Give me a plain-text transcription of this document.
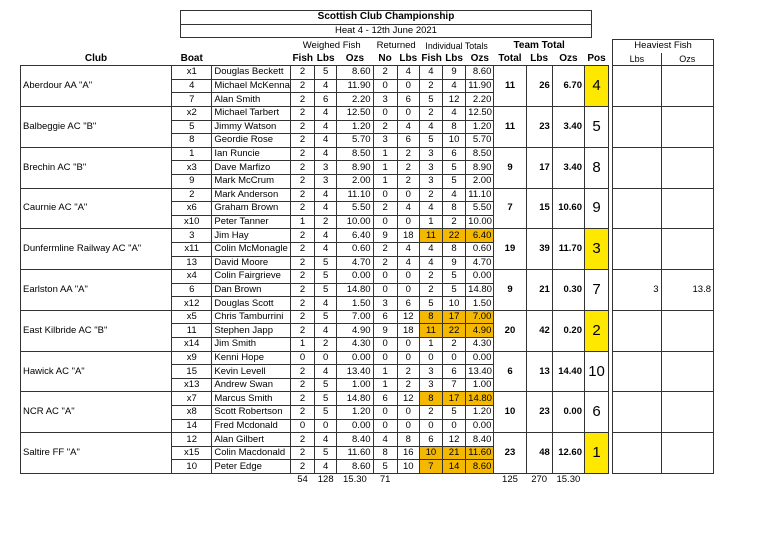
Scottish Club Championship
Heat 4 - 12th June 2021
			Weighed Fish			Returned		Individual Totals			Team Total					Heaviest Fish	
Club	Boat		Fish	Lbs	Ozs	No	Lbs	Fish	Lbs	Ozs	Total	Lbs	Ozs	Pos		Lbs	Ozs
Aberdour AA "A"	x1	Douglas Beckett	2	5	8.60	2	4	4	9	8.60	11	26	6.70	4			
	4	Michael McKenna	2	4	11.90	0	0	2	4	11.90							
	7	Alan Smith	2	6	2.20	3	6	5	12	2.20							
Balbeggie AC "B"	x2	Michael Tarbert	2	4	12.50	0	0	2	4	12.50	11	23	3.40	5			
	5	Jimmy Watson	2	4	1.20	2	4	4	8	1.20							
	8	Geordie Rose	2	4	5.70	3	6	5	10	5.70							
Brechin AC "B"	1	Ian Runcie	2	4	8.50	1	2	3	6	8.50	9	17	3.40	8			
	x3	Dave Marfizo	2	3	8.90	1	2	3	5	8.90							
	9	Mark McCrum	2	3	2.00	1	2	3	5	2.00							
Caurnie AC "A"	2	Mark Anderson	2	4	11.10	0	0	2	4	11.10	7	15	10.60	9			
	x6	Graham Brown	2	4	5.50	2	4	4	8	5.50							
	x10	Peter Tanner	1	2	10.00	0	0	1	2	10.00							
Dunfermline Railway AC "A"	3	Jim Hay	2	4	6.40	9	18	11	22	6.40	19	39	11.70	3			
	x11	Colin McMonagle	2	4	0.60	2	4	4	8	0.60							
	13	David Moore	2	5	4.70	2	4	4	9	4.70							
Earlston AA "A"	x4	Colin Fairgrieve	2	5	0.00	0	0	2	5	0.00	9	21	0.30	7		3	13.8
	6	Dan Brown	2	5	14.80	0	0	2	5	14.80							
	x12	Douglas Scott	2	4	1.50	3	6	5	10	1.50							
East Kilbride AC "B"	x5	Chris Tamburrini	2	5	7.00	6	12	8	17	7.00	20	42	0.20	2			
	11	Stephen Japp	2	4	4.90	9	18	11	22	4.90							
	x14	Jim Smith	1	2	4.30	0	0	1	2	4.30							
Hawick AC "A"	x9	Kenni Hope	0	0	0.00	0	0	0	0	0.00	6	13	14.40	10			
	15	Kevin Levell	2	4	13.40	1	2	3	6	13.40							
	x13	Andrew Swan	2	5	1.00	1	2	3	7	1.00							
NCR AC "A"	x7	Marcus Smith	2	5	14.80	6	12	8	17	14.80	10	23	0.00	6			
	x8	Scott Robertson	2	5	1.20	0	0	2	5	1.20							
	14	Fred Mcdonald	0	0	0.00	0	0	0	0	0.00							
Saltire FF "A"	12	Alan Gilbert	2	4	8.40	4	8	6	12	8.40	23	48	12.60	1			
	x15	Colin Macdonald	2	5	11.60	8	16	10	21	11.60							
	10	Peter Edge	2	4	8.60	5	10	7	14	8.60							
			54	128	15.30	71					125	270	15.30				
